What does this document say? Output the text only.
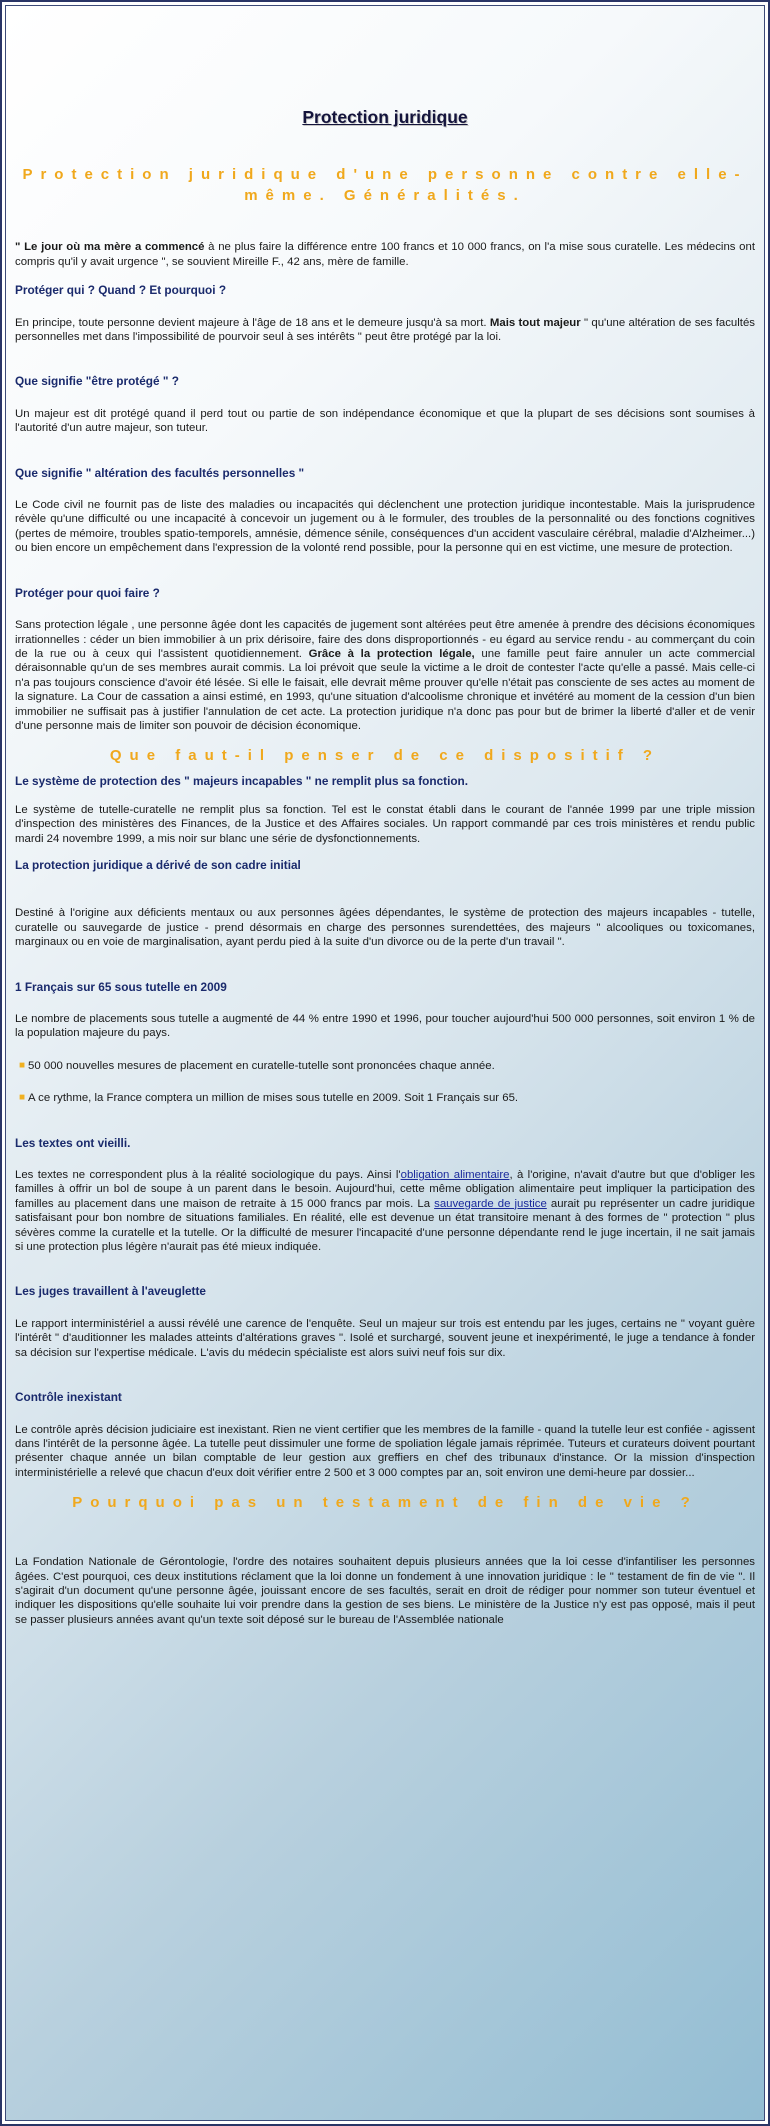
Protection juridique

Protection juridique d'une personne contre elle-même. Généralités.

" Le jour où ma mère a commencé à ne plus faire la différence entre 100 francs et 10 000 francs, on l'a mise sous curatelle. Les médecins ont compris qu'il y avait urgence ", se souvient Mireille F., 42 ans, mère de famille.

Protéger qui ? Quand ? Et pourquoi ?

En principe, toute personne devient majeure à l'âge de 18 ans et le demeure jusqu'à sa mort. Mais tout majeur " qu'une altération de ses facultés personnelles met dans l'impossibilité de pourvoir seul à ses intérêts " peut être protégé par la loi.

Que signifie "être protégé " ?

Un majeur est dit protégé quand il perd tout ou partie de son indépendance économique et que la plupart de ses décisions sont soumises à l'autorité d'un autre majeur, son tuteur.

Que signifie " altération des facultés personnelles "

Le Code civil ne fournit pas de liste des maladies ou incapacités qui déclenchent une protection juridique incontestable. Mais la jurisprudence révèle qu'une difficulté ou une incapacité à concevoir un jugement ou à le formuler, des troubles de la personnalité ou des fonctions cognitives (pertes de mémoire, troubles spatio-temporels, amnésie, démence sénile, conséquences d'un accident vasculaire cérébral, maladie d'Alzheimer...) ou bien encore un empêchement dans l'expression de la volonté rend possible, pour la personne qui en est victime, une mesure de protection.

Protéger pour quoi faire ?

Sans protection légale , une personne âgée dont les capacités de jugement sont altérées peut être amenée à prendre des décisions économiques irrationnelles : céder un bien immobilier à un prix dérisoire, faire des dons disproportionnés - eu égard au service rendu - au commerçant du coin de la rue ou à ceux qui l'assistent quotidiennement. Grâce à la protection légale, une famille peut faire annuler un acte commercial déraisonnable qu'un de ses membres aurait commis. La loi prévoit que seule la victime a le droit de contester l'acte qu'elle a passé. Mais celle-ci n'a pas toujours conscience d'avoir été lésée. Si elle le faisait, elle devrait même prouver qu'elle n'était pas consciente de ses actes au moment de la signature. La Cour de cassation a ainsi estimé, en 1993, qu'une situation d'alcoolisme chronique et invétéré au moment de la cession d'un bien immobilier ne suffisait pas à justifier l'annulation de cet acte. La protection juridique n'a donc pas pour but de brimer la liberté d'aller et de venir d'une personne mais de limiter son pouvoir de décision économique.

Que faut-il penser de ce dispositif ?

Le système de protection des " majeurs incapables " ne remplit plus sa fonction.

Le système de tutelle-curatelle ne remplit plus sa fonction. Tel est le constat établi dans le courant de l'année 1999 par une triple mission d'inspection des ministères des Finances, de la Justice et des Affaires sociales. Un rapport commandé par ces trois ministères et rendu public mardi 24 novembre 1999, a mis noir sur blanc une série de dysfonctionnements.

La protection juridique a dérivé de son cadre initial

Destiné à l'origine aux déficients mentaux ou aux personnes âgées dépendantes, le système de protection des majeurs incapables - tutelle, curatelle ou sauvegarde de justice - prend désormais en charge des personnes surendettées, des majeurs " alcooliques ou toxicomanes, marginaux ou en voie de marginalisation, ayant perdu pied à la suite d'un divorce ou de la perte d'un travail ".

1 Français sur 65 sous tutelle en 2009

Le nombre de placements sous tutelle a augmenté de 44 % entre 1990 et 1996, pour toucher aujourd'hui 500 000 personnes, soit environ 1 % de la population majeure du pays.

■ 50 000 nouvelles mesures de placement en curatelle-tutelle sont prononcées chaque année.

■ A ce rythme, la France comptera un million de mises sous tutelle en 2009. Soit 1 Français sur 65.

Les textes ont vieilli.

Les textes ne correspondent plus à la réalité sociologique du pays. Ainsi l'obligation alimentaire, à l'origine, n'avait d'autre but que d'obliger les familles à offrir un bol de soupe à un parent dans le besoin. Aujourd'hui, cette même obligation alimentaire peut impliquer la participation des familles au placement dans une maison de retraite à 15 000 francs par mois. La sauvegarde de justice aurait pu représenter un cadre juridique satisfaisant pour bon nombre de situations familiales. En réalité, elle est devenue un état transitoire menant à des formes de " protection " plus sévères comme la curatelle et la tutelle. Or la difficulté de mesurer l'incapacité d'une personne dépendante rend le juge incertain, il ne sait jamais si une protection plus légère n'aurait pas été mieux indiquée.

Les juges travaillent à l'aveuglette

Le rapport interministériel a aussi révélé une carence de l'enquête. Seul un majeur sur trois est entendu par les juges, certains ne " voyant guère l'intérêt " d'auditionner les malades atteints d'altérations graves ". Isolé et surchargé, souvent jeune et inexpérimenté, le juge a tendance à fonder sa décision sur l'expertise médicale. L'avis du médecin spécialiste est alors suivi neuf fois sur dix.

Contrôle inexistant

Le contrôle après décision judiciaire est inexistant. Rien ne vient certifier que les membres de la famille - quand la tutelle leur est confiée - agissent dans l'intérêt de la personne âgée. La tutelle peut dissimuler une forme de spoliation légale jamais réprimée. Tuteurs et curateurs doivent pourtant présenter chaque année un bilan comptable de leur gestion aux greffiers en chef des tribunaux d'instance. Or la mission d'inspection interministérielle a relevé que chacun d'eux doit vérifier entre 2 500 et 3 000 comptes par an, soit environ une demi-heure par dossier...

Pourquoi pas un testament de fin de vie ?

La Fondation Nationale de Gérontologie, l'ordre des notaires souhaitent depuis plusieurs années que la loi cesse d'infantiliser les personnes âgées. C'est pourquoi, ces deux institutions réclament que la loi donne un fondement à une innovation juridique : le " testament de fin de vie ". Il s'agirait d'un document qu'une personne âgée, jouissant encore de ses facultés, serait en droit de rédiger pour nommer son tuteur éventuel et indiquer les dispositions qu'elle souhaite lui voir prendre dans la gestion de ses biens. Le ministère de la Justice n'y est pas opposé, mais il peut se passer plusieurs années avant qu'un texte soit déposé sur le bureau de l'Assemblée nationale
